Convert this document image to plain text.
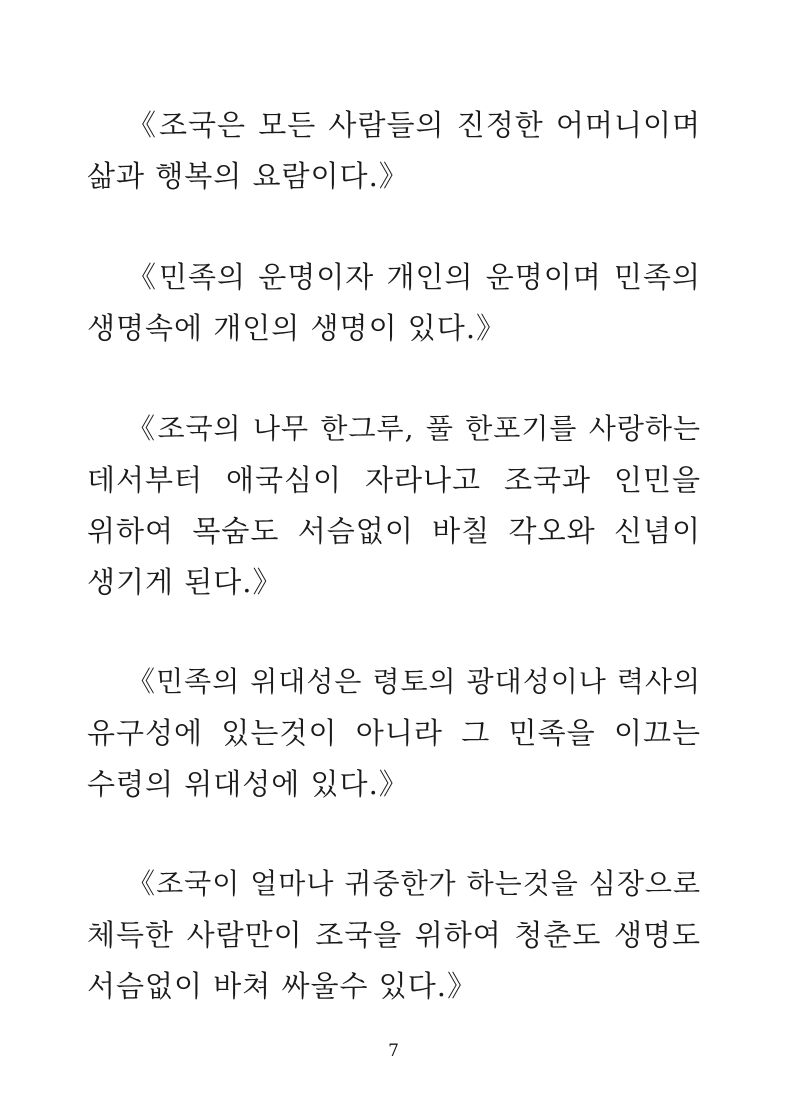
《조국은 모든 사람들의 진정한 어머니이며
삶과 행복의 요람이다.》
《민족의 운명이자 개인의 운명이며 민족의
생명속에 개인의 생명이 있다.》
《조국의 나무 한그루, 풀 한포기를 사랑하는
데서부터 애국심이 자라나고 조국과 인민을
위하여 목숨도 서슴없이 바칠 각오와 신념이
생기게 된다.》
《민족의 위대성은 령토의 광대성이나 력사의
유구성에 있는것이 아니라 그 민족을 이끄는
수령의 위대성에 있다.》
《조국이 얼마나 귀중한가 하는것을 심장으로
체득한 사람만이 조국을 위하여 청춘도 생명도
서슴없이 바쳐 싸울수 있다.》
7
